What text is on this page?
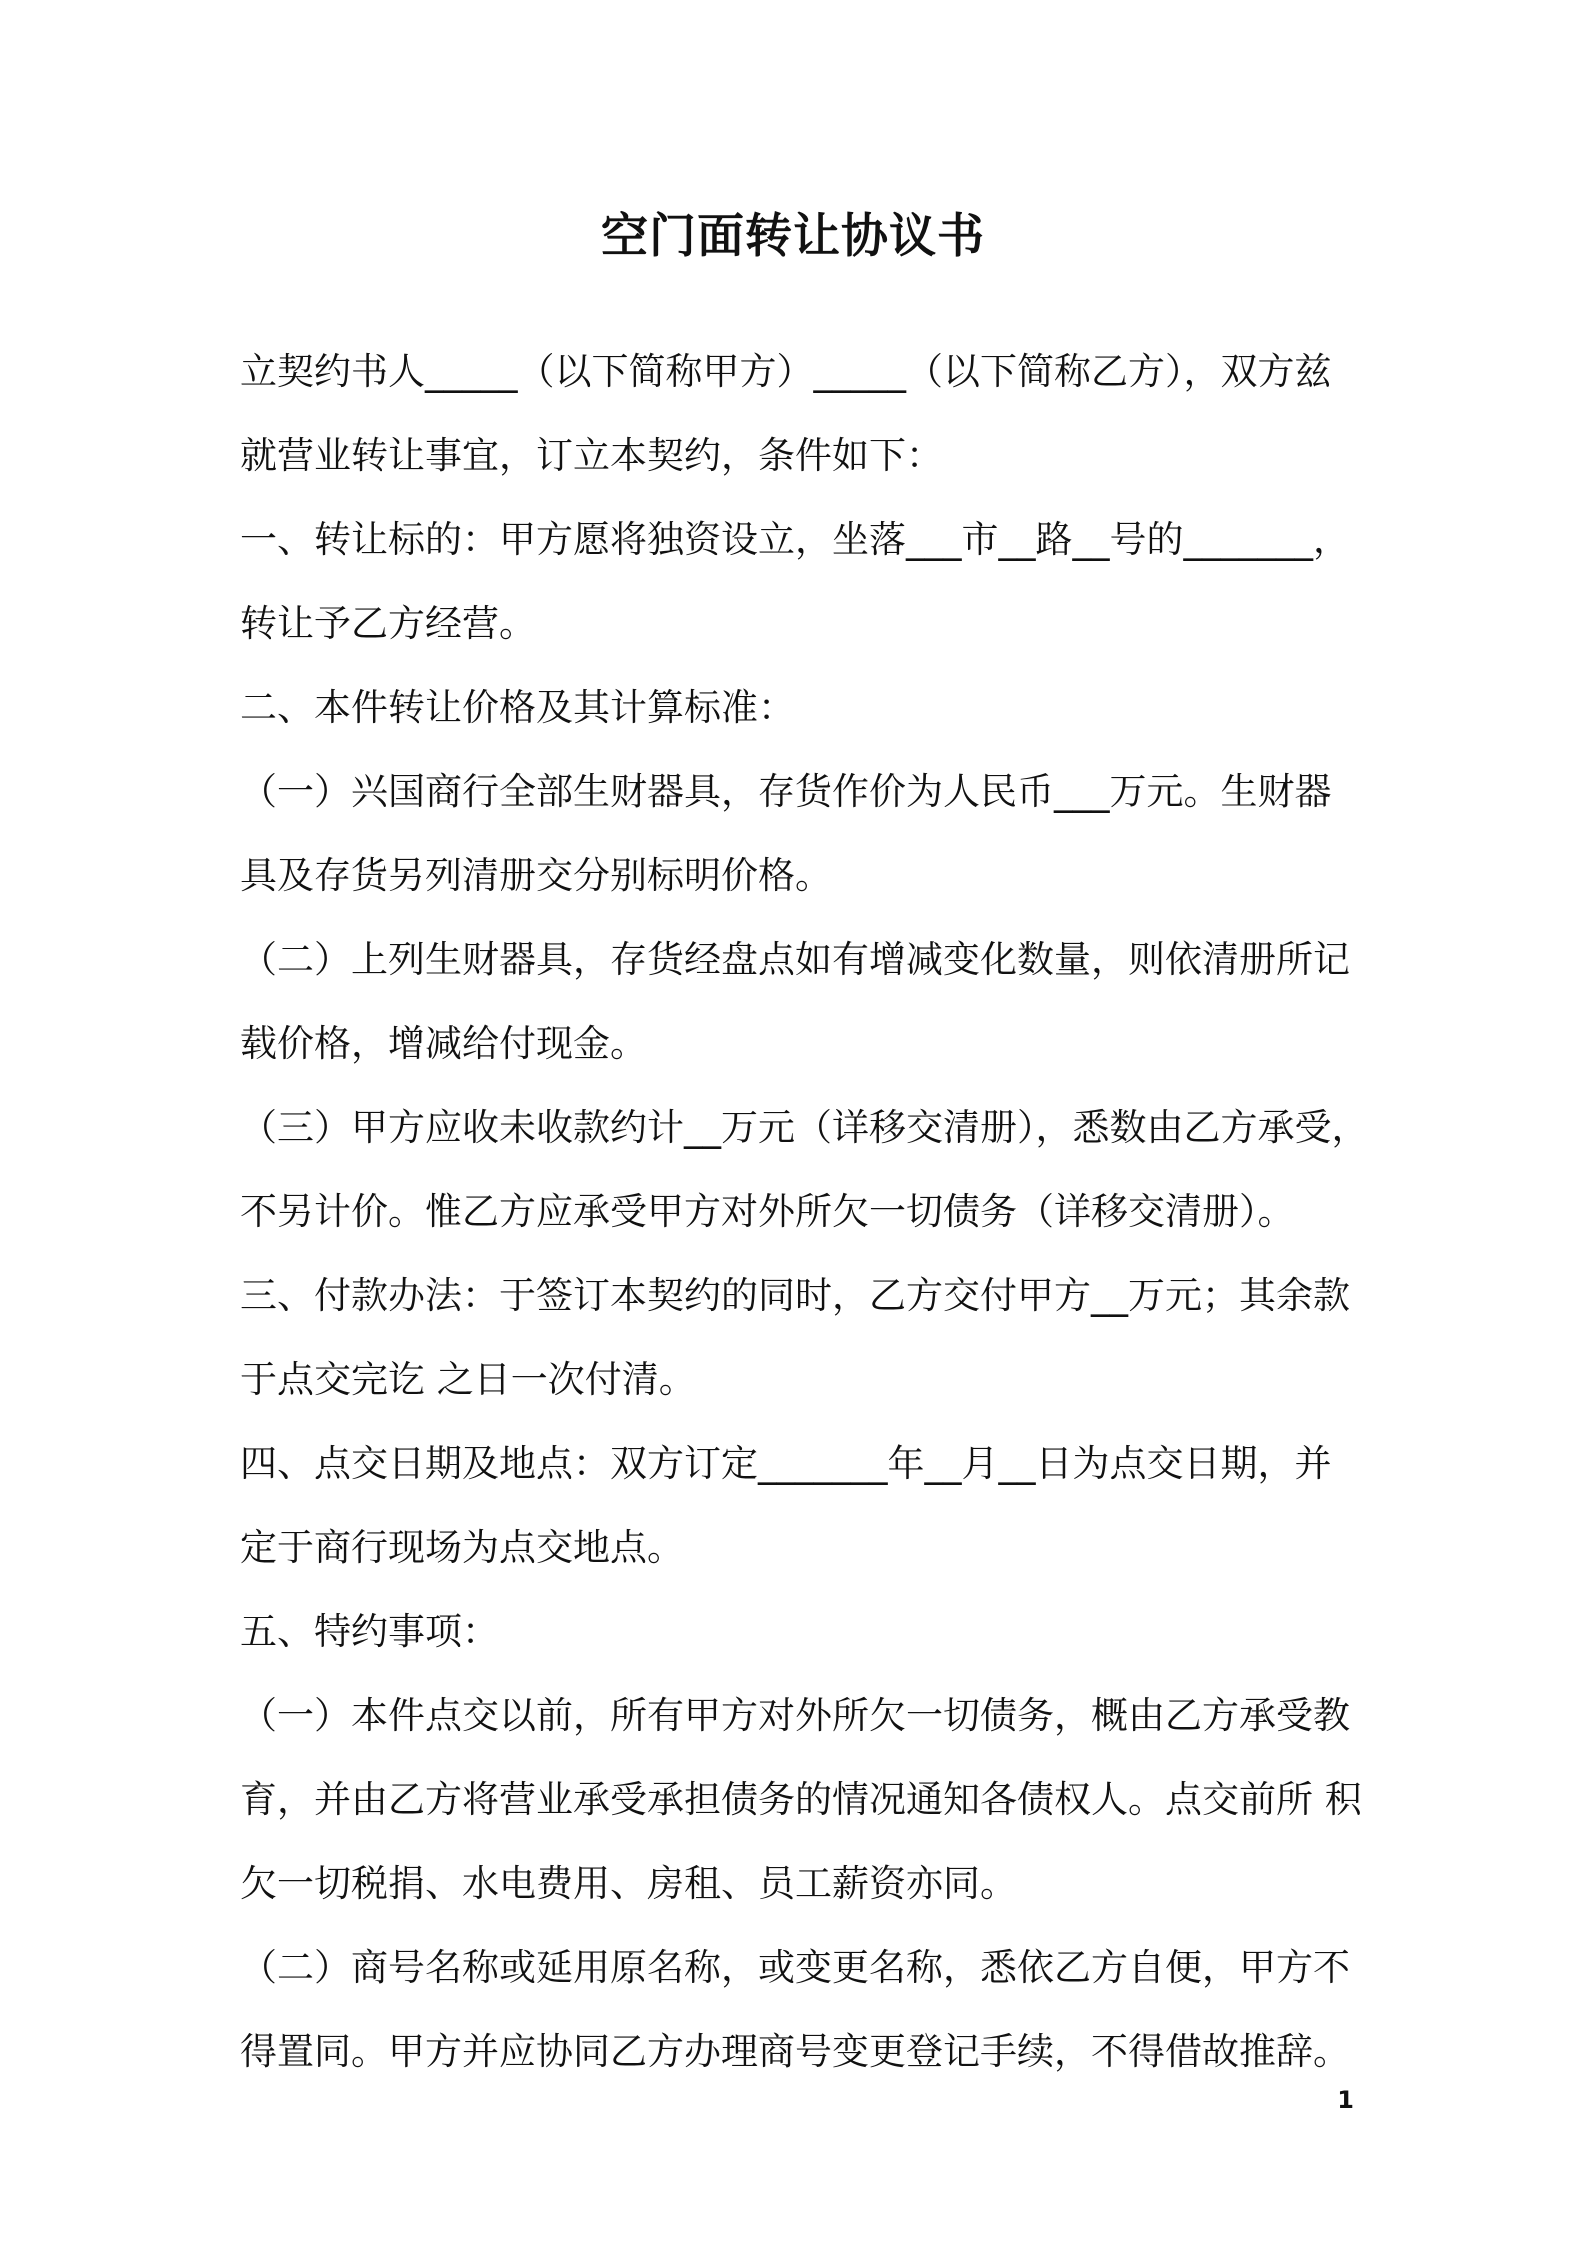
空门面转让协议书
立契约书人_____（以下简称甲方）_____（以下简称乙方），双方兹
就营业转让事宜，订立本契约，条件如下：
一、转让标的：甲方愿将独资设立，坐落___市__路__号的_______，
转让予乙方经营。
二、本件转让价格及其计算标准：
（一）兴国商行全部生财器具，存货作价为人民币___万元。生财器
具及存货另列清册交分别标明价格。
（二）上列生财器具，存货经盘点如有增减变化数量，则依清册所记
载价格，增减给付现金。
（三）甲方应收未收款约计__万元（详移交清册），悉数由乙方承受，
不另计价。惟乙方应承受甲方对外所欠一切债务（详移交清册）。
三、付款办法：于签订本契约的同时，乙方交付甲方__万元；其余款
于点交完讫 之日一次付清。
四、点交日期及地点：双方订定_______年__月__日为点交日期，并
定于商行现场为点交地点。
五、特约事项：
（一）本件点交以前，所有甲方对外所欠一切债务，概由乙方承受教
育，并由乙方将营业承受承担债务的情况通知各债权人。点交前所 积
欠一切税捐、水电费用、房租、员工薪资亦同。
（二）商号名称或延用原名称，或变更名称，悉依乙方自便，甲方不
得置同。甲方并应协同乙方办理商号变更登记手续，不得借故推辞。
1
